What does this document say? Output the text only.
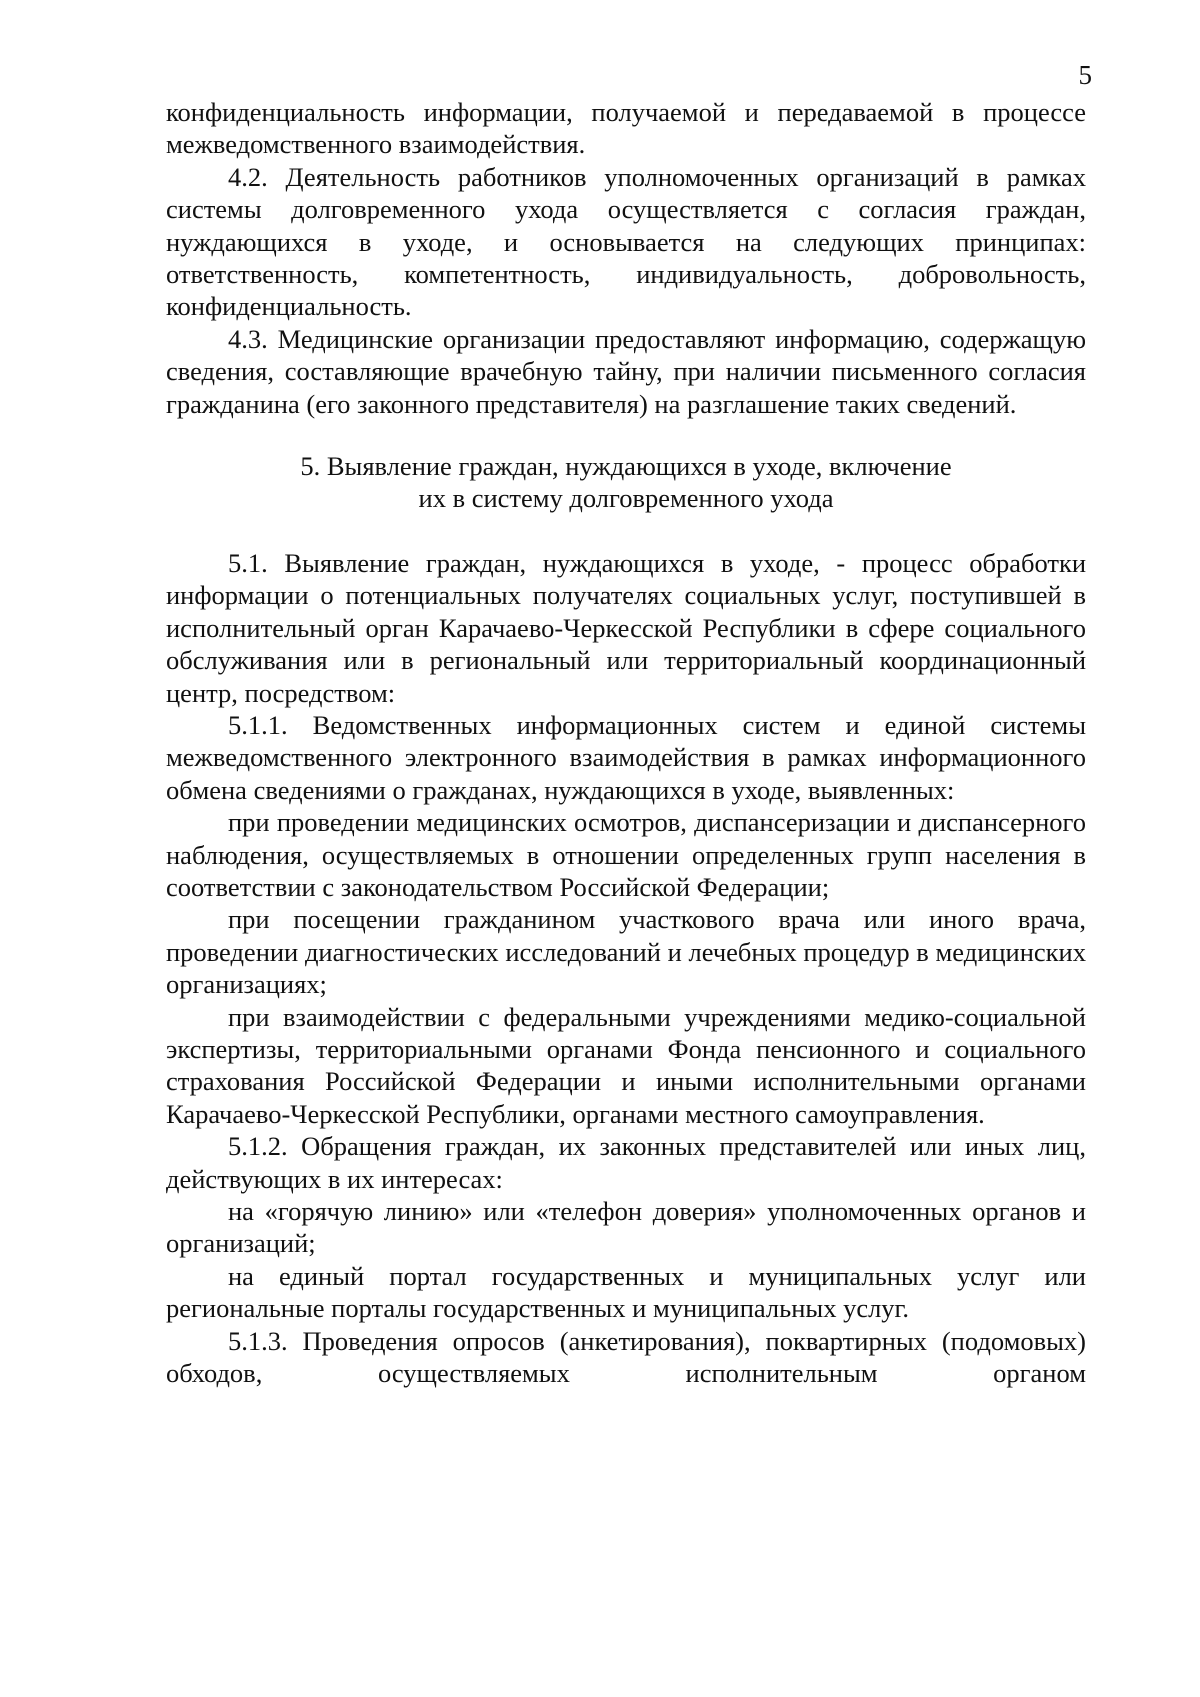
5

конфиденциальность информации, получаемой и передаваемой в процессе межведомственного взаимодействия.

4.2. Деятельность работников уполномоченных организаций в рамках системы долговременного ухода осуществляется с согласия граждан, нуждающихся в уходе, и основывается на следующих принципах: ответственность, компетентность, индивидуальность, добровольность, конфиденциальность.

4.3. Медицинские организации предоставляют информацию, содержащую сведения, составляющие врачебную тайну, при наличии письменного согласия гражданина (его законного представителя) на разглашение таких сведений.

5. Выявление граждан, нуждающихся в уходе, включение
их в систему долговременного ухода

5.1. Выявление граждан, нуждающихся в уходе, - процесс обработки информации о потенциальных получателях социальных услуг, поступившей в исполнительный орган Карачаево-Черкесской Республики в сфере социального обслуживания или в региональный или территориальный координационный центр, посредством:

5.1.1. Ведомственных информационных систем и единой системы межведомственного электронного взаимодействия в рамках информационного обмена сведениями о гражданах, нуждающихся в уходе, выявленных:

при проведении медицинских осмотров, диспансеризации и диспансерного наблюдения, осуществляемых в отношении определенных групп населения в соответствии с законодательством Российской Федерации;

при посещении гражданином участкового врача или иного врача, проведении диагностических исследований и лечебных процедур в медицинских организациях;

при взаимодействии с федеральными учреждениями медико-социальной экспертизы, территориальными органами Фонда пенсионного и социального страхования Российской Федерации и иными исполнительными органами Карачаево-Черкесской Республики, органами местного самоуправления.

5.1.2. Обращения граждан, их законных представителей или иных лиц, действующих в их интересах:

на «горячую линию» или «телефон доверия» уполномоченных органов и организаций;

на единый портал государственных и муниципальных услуг или региональные порталы государственных и муниципальных услуг.

5.1.3. Проведения опросов (анкетирования), поквартирных (подомовых) обходов, осуществляемых исполнительным органом
